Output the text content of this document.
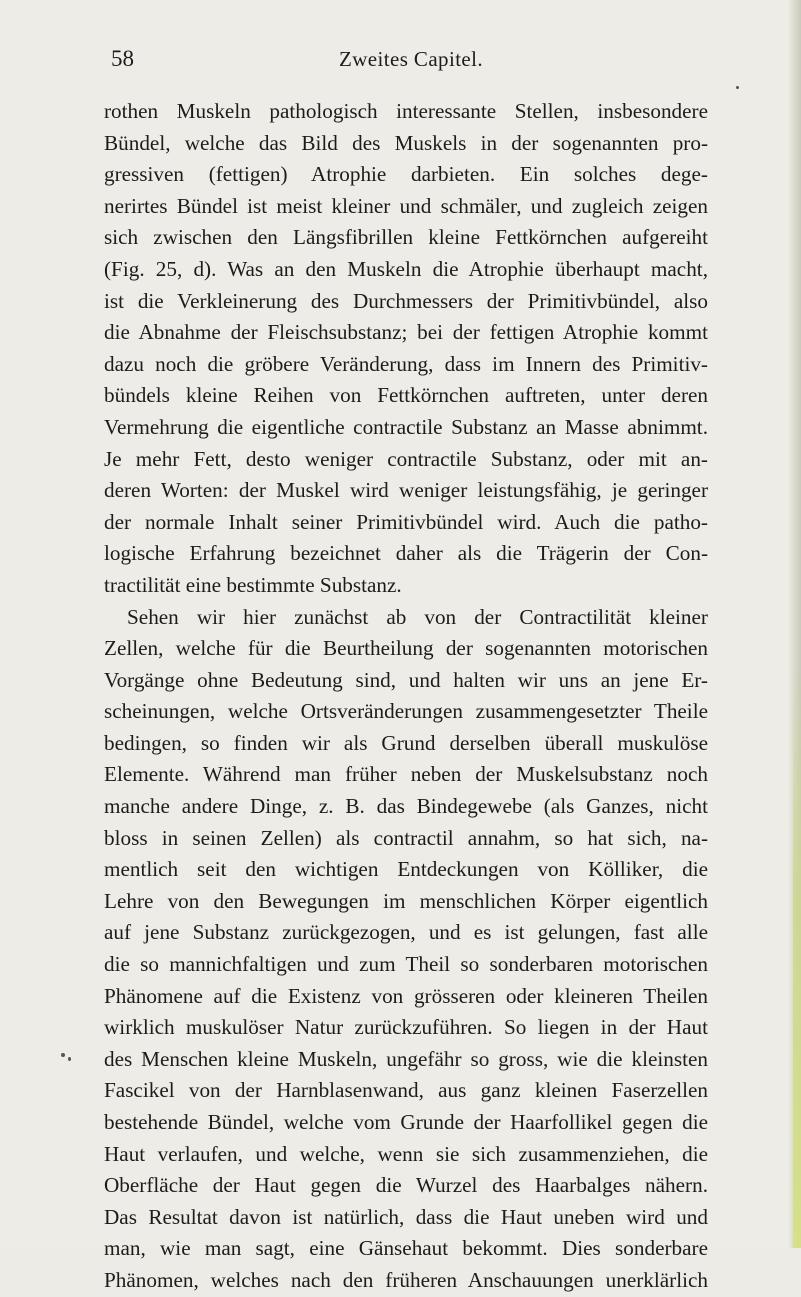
58	Zweites Capitel.
rothen Muskeln pathologisch interessante Stellen, insbesondere
Bündel, welche das Bild des Muskels in der sogenannten pro-
gressiven (fettigen) Atrophie darbieten. Ein solches dege-
nerirtes Bündel ist meist kleiner und schmäler, und zugleich zeigen
sich zwischen den Längsfibrillen kleine Fettkörnchen aufgereiht
(Fig. 25, d). Was an den Muskeln die Atrophie überhaupt macht,
ist die Verkleinerung des Durchmessers der Primitivbündel, also
die Abnahme der Fleischsubstanz; bei der fettigen Atrophie kommt
dazu noch die gröbere Veränderung, dass im Innern des Primitiv-
bündels kleine Reihen von Fettkörnchen auftreten, unter deren
Vermehrung die eigentliche contractile Substanz an Masse abnimmt.
Je mehr Fett, desto weniger contractile Substanz, oder mit an-
deren Worten: der Muskel wird weniger leistungsfähig, je geringer
der normale Inhalt seiner Primitivbündel wird. Auch die patho-
logische Erfahrung bezeichnet daher als die Trägerin der Con-
tractilität eine bestimmte Substanz.
Sehen wir hier zunächst ab von der Contractilität kleiner
Zellen, welche für die Beurtheilung der sogenannten motorischen
Vorgänge ohne Bedeutung sind, und halten wir uns an jene Er-
scheinungen, welche Ortsveränderungen zusammengesetzter Theile
bedingen, so finden wir als Grund derselben überall muskulöse
Elemente. Während man früher neben der Muskelsubstanz noch
manche andere Dinge, z. B. das Bindegewebe (als Ganzes, nicht
bloss in seinen Zellen) als contractil annahm, so hat sich, na-
mentlich seit den wichtigen Entdeckungen von Kölliker, die
Lehre von den Bewegungen im menschlichen Körper eigentlich
auf jene Substanz zurückgezogen, und es ist gelungen, fast alle
die so mannichfaltigen und zum Theil so sonderbaren motorischen
Phänomene auf die Existenz von grösseren oder kleineren Theilen
wirklich muskulöser Natur zurückzuführen. So liegen in der Haut
des Menschen kleine Muskeln, ungefähr so gross, wie die kleinsten
Fascikel von der Harnblasenwand, aus ganz kleinen Faserzellen
bestehende Bündel, welche vom Grunde der Haarfollikel gegen die
Haut verlaufen, und welche, wenn sie sich zusammenziehen, die
Oberfläche der Haut gegen die Wurzel des Haarbalges nähern.
Das Resultat davon ist natürlich, dass die Haut uneben wird und
man, wie man sagt, eine Gänsehaut bekommt. Dies sonderbare
Phänomen, welches nach den früheren Anschauungen unerklärlich
